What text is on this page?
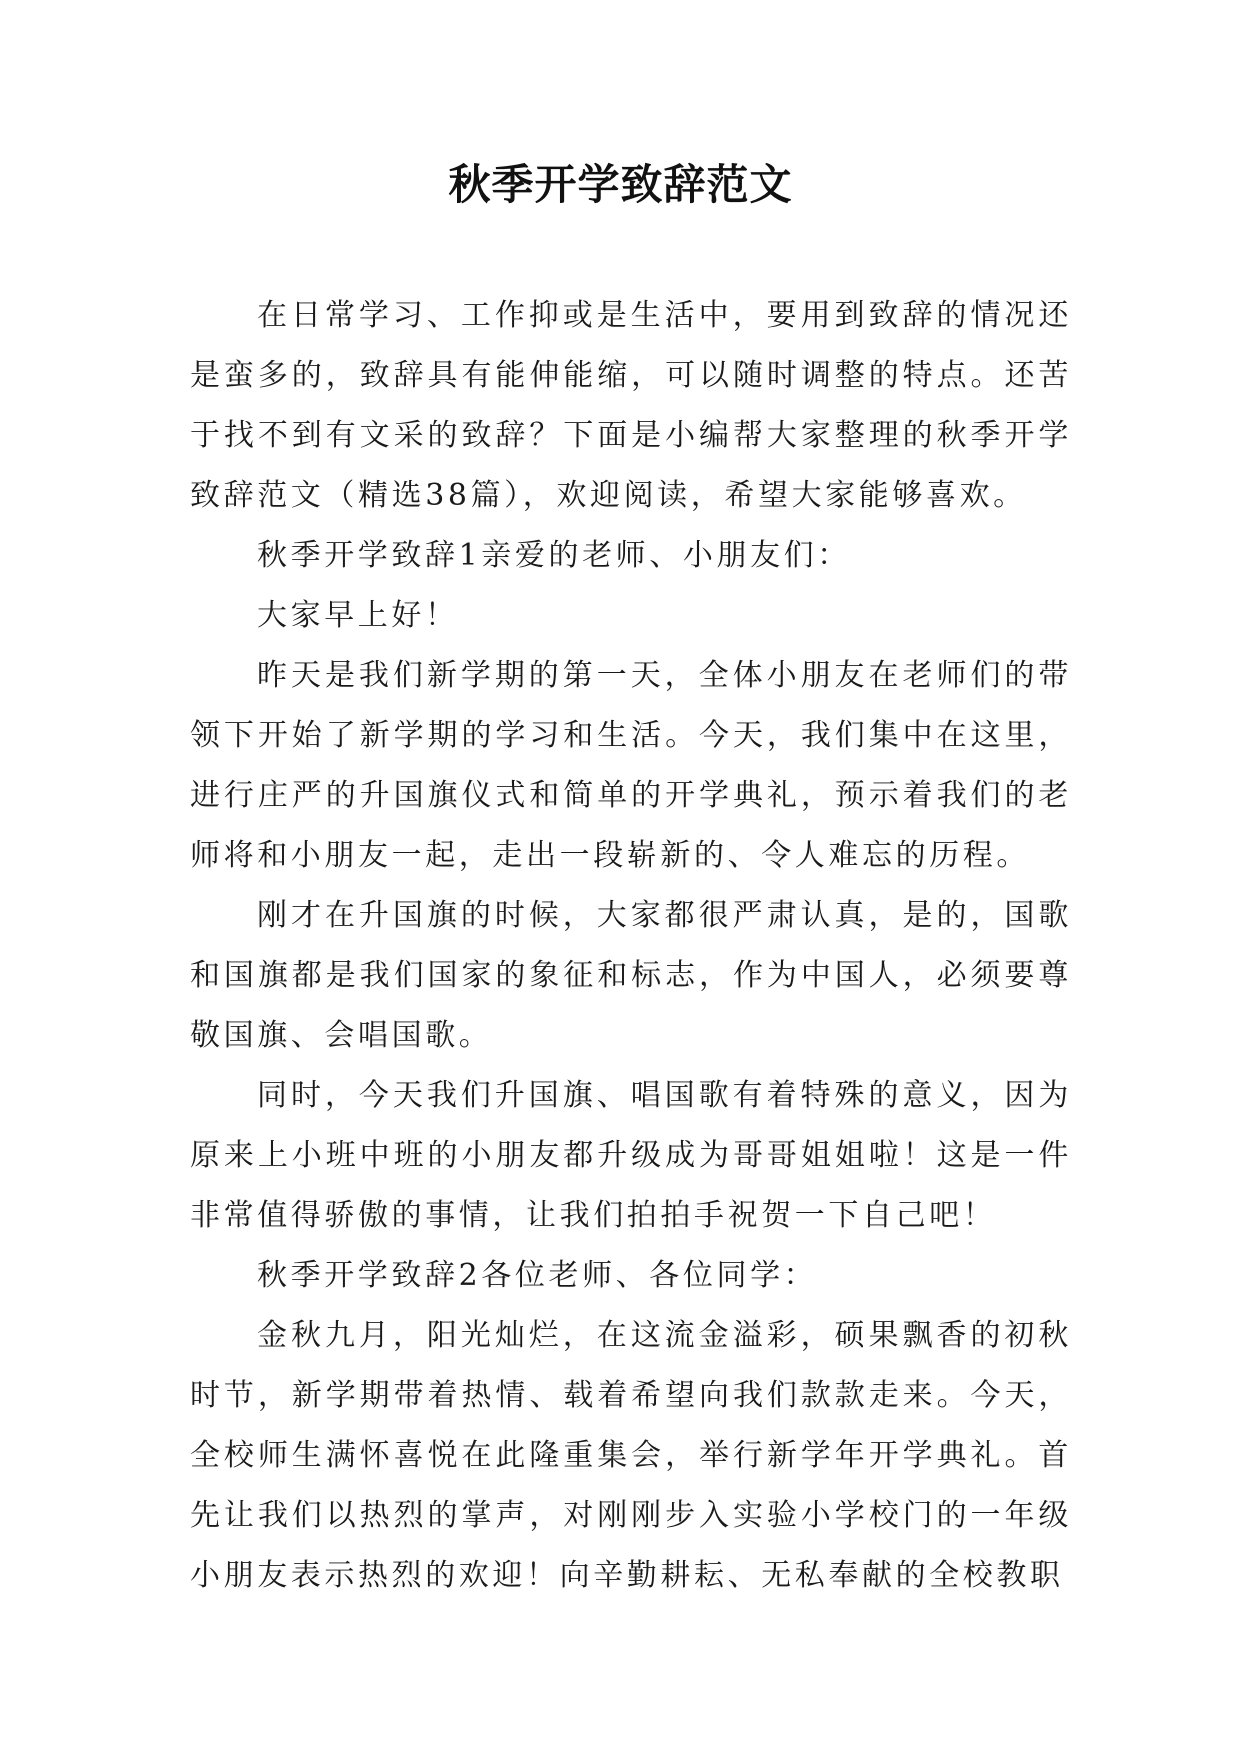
秋季开学致辞范文

在日常学习、工作抑或是生活中，要用到致辞的情况还是蛮多的，致辞具有能伸能缩，可以随时调整的特点。还苦于找不到有文采的致辞？下面是小编帮大家整理的秋季开学致辞范文（精选38篇），欢迎阅读，希望大家能够喜欢。

秋季开学致辞1亲爱的老师、小朋友们：

大家早上好！

昨天是我们新学期的第一天，全体小朋友在老师们的带领下开始了新学期的学习和生活。今天，我们集中在这里，进行庄严的升国旗仪式和简单的开学典礼，预示着我们的老师将和小朋友一起，走出一段崭新的、令人难忘的历程。

刚才在升国旗的时候，大家都很严肃认真，是的，国歌和国旗都是我们国家的象征和标志，作为中国人，必须要尊敬国旗、会唱国歌。

同时，今天我们升国旗、唱国歌有着特殊的意义，因为原来上小班中班的小朋友都升级成为哥哥姐姐啦！这是一件非常值得骄傲的事情，让我们拍拍手祝贺一下自己吧！

秋季开学致辞2各位老师、各位同学：

金秋九月，阳光灿烂，在这流金溢彩，硕果飘香的初秋时节，新学期带着热情、载着希望向我们款款走来。今天，全校师生满怀喜悦在此隆重集会，举行新学年开学典礼。首先让我们以热烈的掌声，对刚刚步入实验小学校门的一年级小朋友表示热烈的欢迎！向辛勤耕耘、无私奉献的全校教职
